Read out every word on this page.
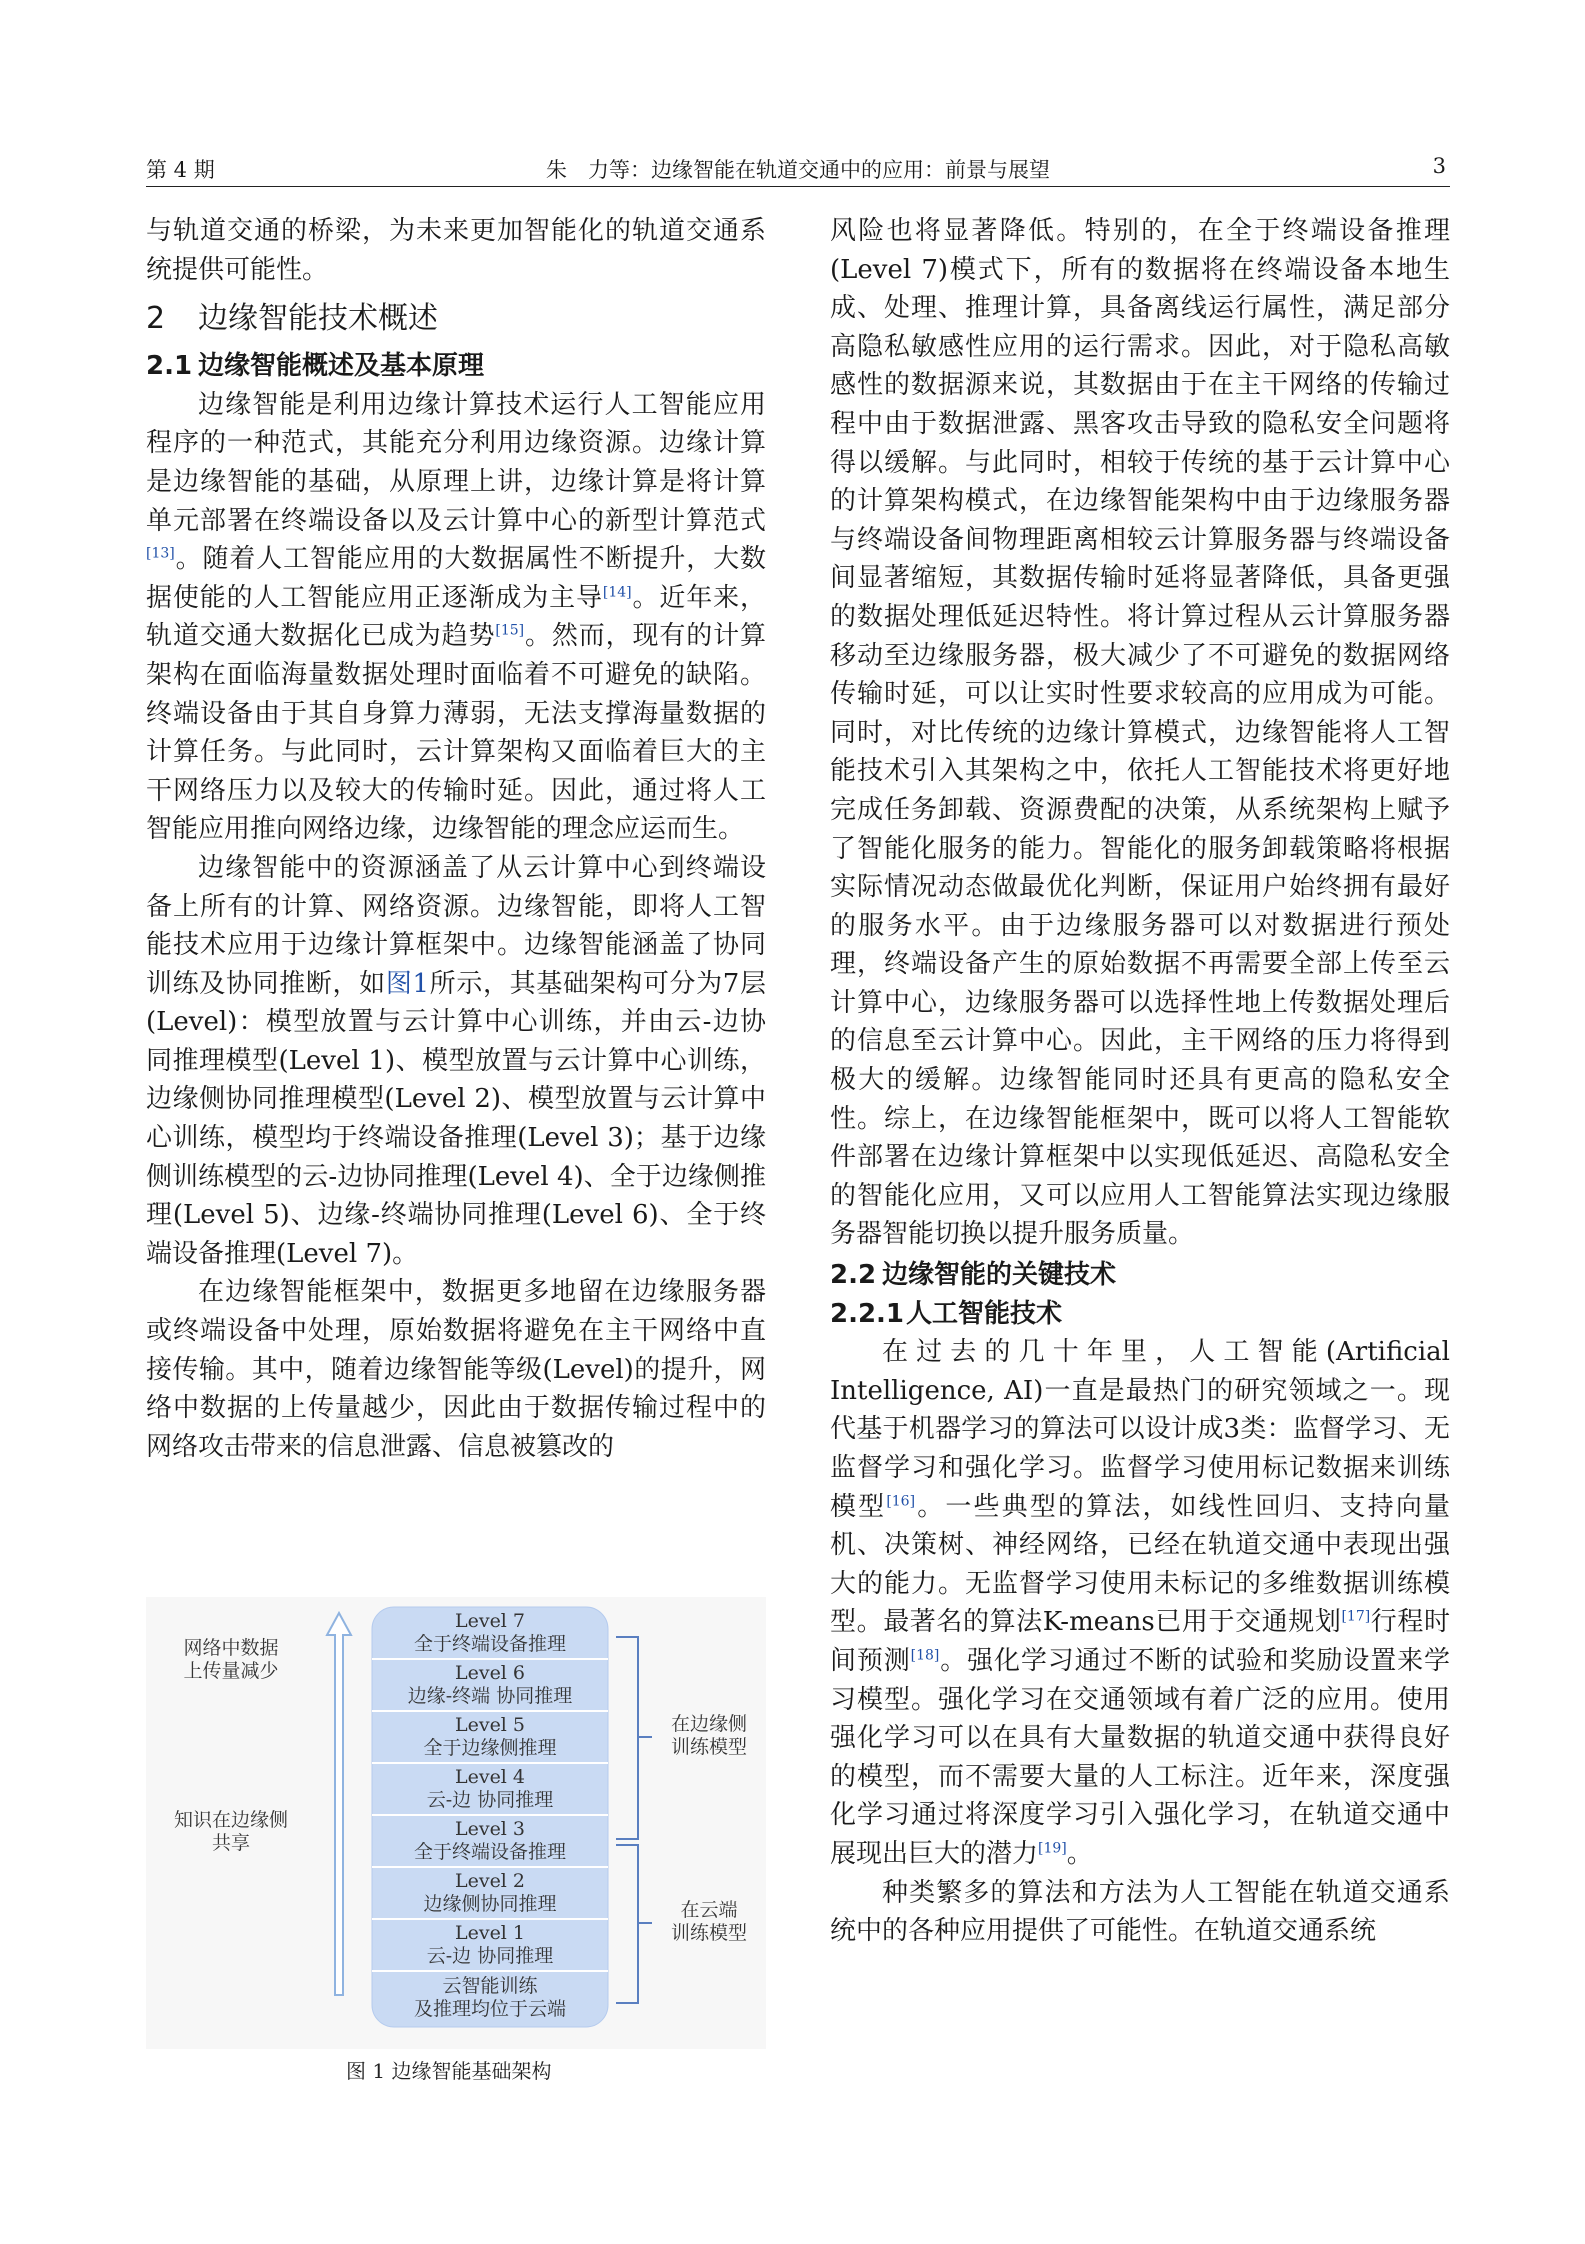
第 4 期	朱　力等：边缘智能在轨道交通中的应用：前景与展望	3

与轨道交通的桥梁，为未来更加智能化的轨道交通系统提供可能性。

2 边缘智能技术概述
2.1 边缘智能概述及基本原理

边缘智能是利用边缘计算技术运行人工智能应用程序的一种范式，其能充分利用边缘资源。边缘计算是边缘智能的基础，从原理上讲，边缘计算是将计算单元部署在终端设备以及云计算中心的新型计算范式[13]。随着人工智能应用的大数据属性不断提升，大数据使能的人工智能应用正逐渐成为主导[14]。近年来，轨道交通大数据化已成为趋势[15]。然而，现有的计算架构在面临海量数据处理时面临着不可避免的缺陷。终端设备由于其自身算力薄弱，无法支撑海量数据的计算任务。与此同时，云计算架构又面临着巨大的主干网络压力以及较大的传输时延。因此，通过将人工智能应用推向网络边缘，边缘智能的理念应运而生。

边缘智能中的资源涵盖了从云计算中心到终端设备上所有的计算、网络资源。边缘智能，即将人工智能技术应用于边缘计算框架中。边缘智能涵盖了协同训练及协同推断，如图1所示，其基础架构可分为7层(Level)：模型放置与云计算中心训练，并由云-边协同推理模型(Level 1)、模型放置与云计算中心训练，边缘侧协同推理模型(Level 2)、模型放置与云计算中心训练，模型均于终端设备推理(Level 3)；基于边缘侧训练模型的云-边协同推理(Level 4)、全于边缘侧推理(Level 5)、边缘-终端协同推理(Level 6)、全于终端设备推理(Level 7)。

在边缘智能框架中，数据更多地留在边缘服务器或终端设备中处理，原始数据将避免在主干网络中直接传输。其中，随着边缘智能等级(Level)的提升，网络中数据的上传量越少，因此由于数据传输过程中的网络攻击带来的信息泄露、信息被篡改的

网络中数据
上传量减少
知识在边缘侧
共享
在边缘侧
训练模型
在云端
训练模型
Level 7
全于终端设备推理
Level 6
边缘-终端 协同推理
Level 5
全于边缘侧推理
Level 4
云-边 协同推理
Level 3
全于终端设备推理
Level 2
边缘侧协同推理
Level 1
云-边 协同推理
云智能训练
及推理均位于云端
图 1 边缘智能基础架构

风险也将显著降低。特别的，在全于终端设备推理(Level 7)模式下，所有的数据将在终端设备本地生成、处理、推理计算，具备离线运行属性，满足部分高隐私敏感性应用的运行需求。因此，对于隐私高敏感性的数据源来说，其数据由于在主干网络的传输过程中由于数据泄露、黑客攻击导致的隐私安全问题将得以缓解。与此同时，相较于传统的基于云计算中心的计算架构模式，在边缘智能架构中由于边缘服务器与终端设备间物理距离相较云计算服务器与终端设备间显著缩短，其数据传输时延将显著降低，具备更强的数据处理低延迟特性。将计算过程从云计算服务器移动至边缘服务器，极大减少了不可避免的数据网络传输时延，可以让实时性要求较高的应用成为可能。同时，对比传统的边缘计算模式，边缘智能将人工智能技术引入其架构之中，依托人工智能技术将更好地完成任务卸载、资源费配的决策，从系统架构上赋予了智能化服务的能力。智能化的服务卸载策略将根据实际情况动态做最优化判断，保证用户始终拥有最好的服务水平。由于边缘服务器可以对数据进行预处理，终端设备产生的原始数据不再需要全部上传至云计算中心，边缘服务器可以选择性地上传数据处理后的信息至云计算中心。因此，主干网络的压力将得到极大的缓解。边缘智能同时还具有更高的隐私安全性。综上，在边缘智能框架中，既可以将人工智能软件部署在边缘计算框架中以实现低延迟、高隐私安全的智能化应用，又可以应用人工智能算法实现边缘服务器智能切换以提升服务质量。

2.2 边缘智能的关键技术
2.2.1人工智能技术

在过去的几十年里，人工智能(Artificial Intelligence, AI)一直是最热门的研究领域之一。现代基于机器学习的算法可以设计成3类：监督学习、无监督学习和强化学习。监督学习使用标记数据来训练模型[16]。一些典型的算法，如线性回归、支持向量机、决策树、神经网络，已经在轨道交通中表现出强大的能力。无监督学习使用未标记的多维数据训练模型。最著名的算法K-means已用于交通规划[17]行程时间预测[18]。强化学习通过不断的试验和奖励设置来学习模型。强化学习在交通领域有着广泛的应用。使用强化学习可以在具有大量数据的轨道交通中获得良好的模型，而不需要大量的人工标注。近年来，深度强化学习通过将深度学习引入强化学习，在轨道交通中展现出巨大的潜力[19]。

种类繁多的算法和方法为人工智能在轨道交通系统中的各种应用提供了可能性。在轨道交通系统
